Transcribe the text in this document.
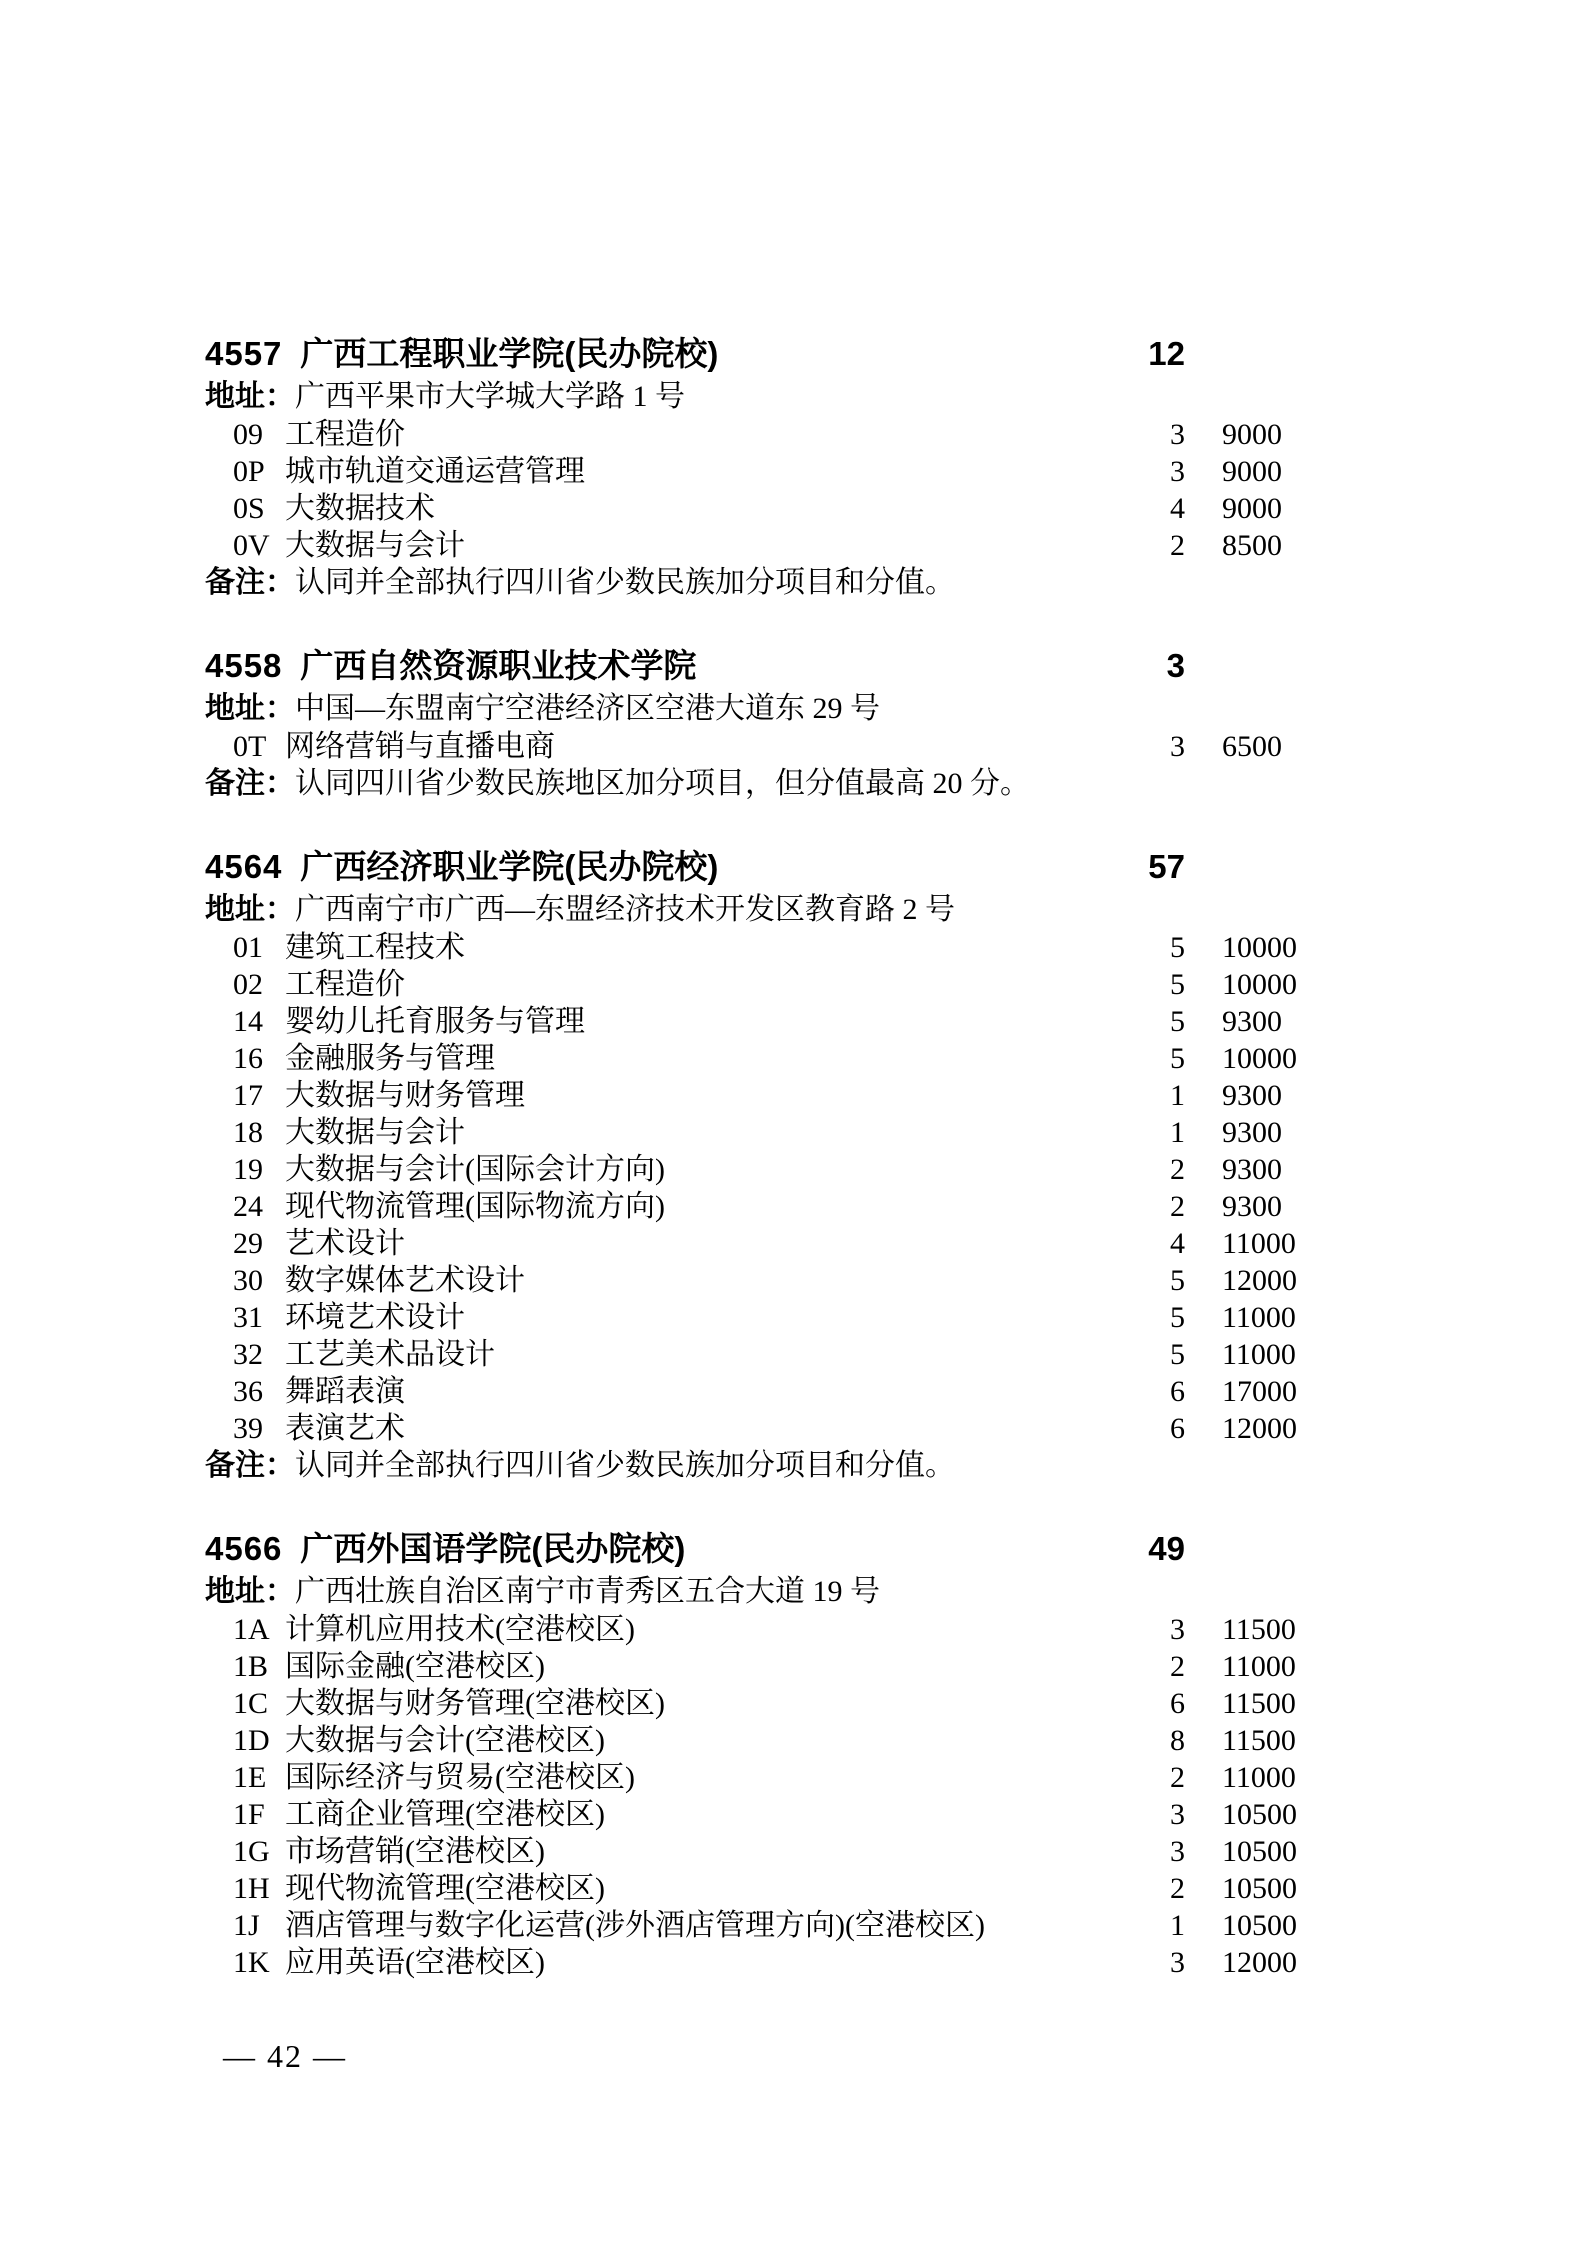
4557 广西工程职业学院(民办院校)	12
地址：广西平果市大学城大学路 1 号
09 工程造价	3 9000
0P 城市轨道交通运营管理	3 9000
0S 大数据技术	4 9000
0V 大数据与会计	2 8500
备注：认同并全部执行四川省少数民族加分项目和分值。
4558 广西自然资源职业技术学院	3
地址：中国—东盟南宁空港经济区空港大道东 29 号
0T 网络营销与直播电商	3 6500
备注：认同四川省少数民族地区加分项目，但分值最高 20 分。
4564 广西经济职业学院(民办院校)	57
地址：广西南宁市广西—东盟经济技术开发区教育路 2 号
01 建筑工程技术	5 10000
02 工程造价	5 10000
14 婴幼儿托育服务与管理	5 9300
16 金融服务与管理	5 10000
17 大数据与财务管理	1 9300
18 大数据与会计	1 9300
19 大数据与会计(国际会计方向)	2 9300
24 现代物流管理(国际物流方向)	2 9300
29 艺术设计	4 11000
30 数字媒体艺术设计	5 12000
31 环境艺术设计	5 11000
32 工艺美术品设计	5 11000
36 舞蹈表演	6 17000
39 表演艺术	6 12000
备注：认同并全部执行四川省少数民族加分项目和分值。
4566 广西外国语学院(民办院校)	49
地址：广西壮族自治区南宁市青秀区五合大道 19 号
1A 计算机应用技术(空港校区)	3 11500
1B 国际金融(空港校区)	2 11000
1C 大数据与财务管理(空港校区)	6 11500
1D 大数据与会计(空港校区)	8 11500
1E 国际经济与贸易(空港校区)	2 11000
1F 工商企业管理(空港校区)	3 10500
1G 市场营销(空港校区)	3 10500
1H 现代物流管理(空港校区)	2 10500
1J 酒店管理与数字化运营(涉外酒店管理方向)(空港校区)	1 10500
1K 应用英语(空港校区)	3 12000
— 42 —
